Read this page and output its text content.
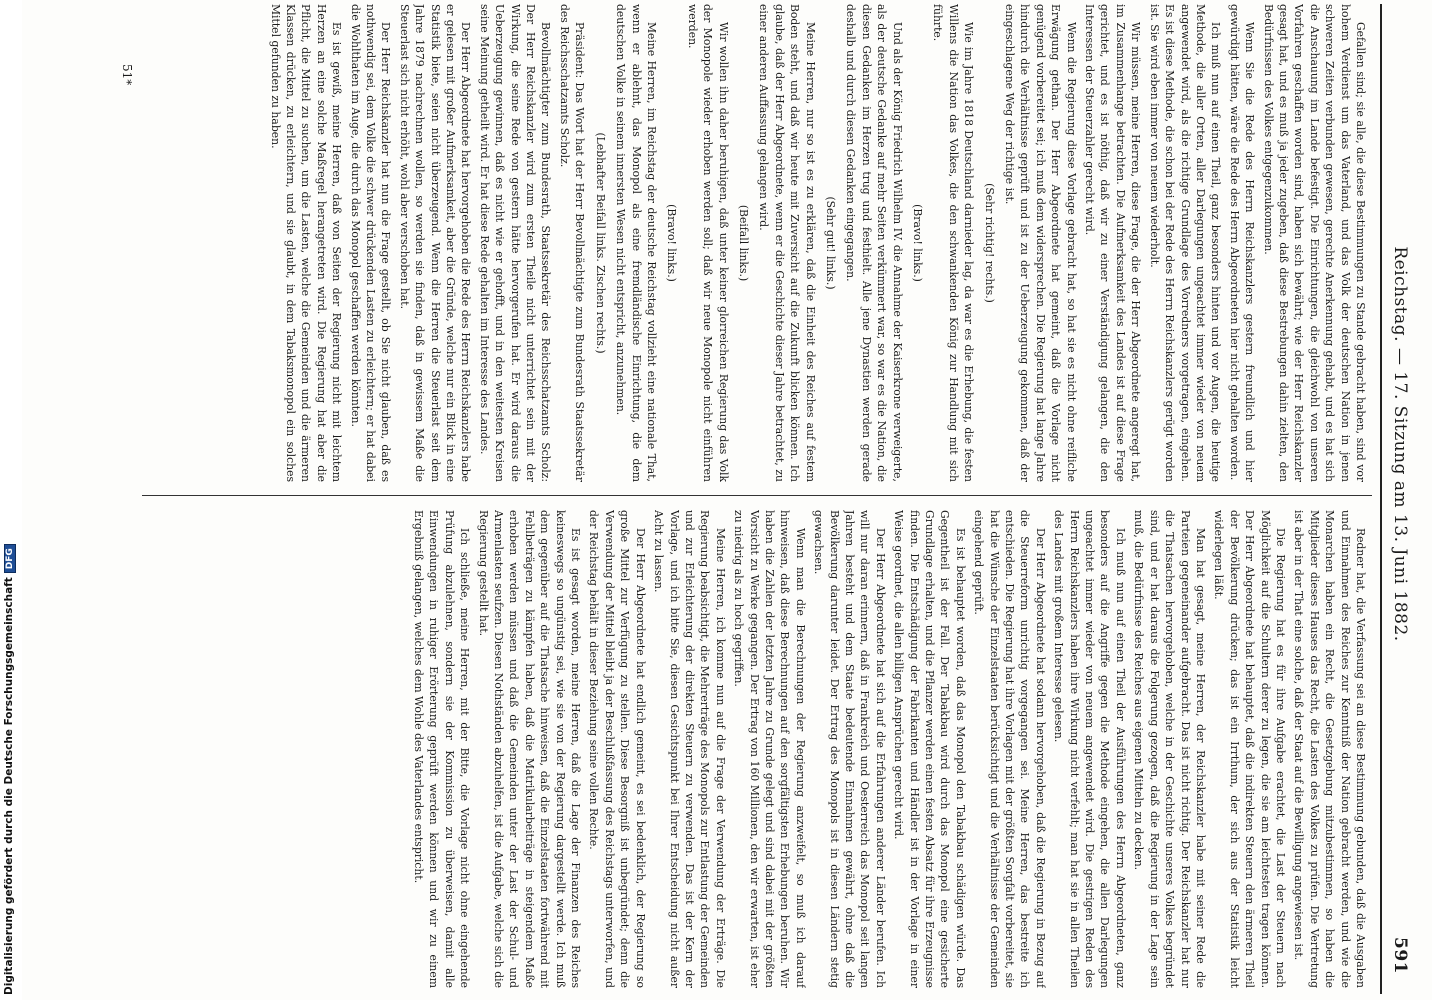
Digitalisierung gefördert durch die Deutsche ForschungsgemeinschaftDFG	Reichstag. — 17. Sitzung am 13. Juni 1882.
591

Gefallen sind; sie alle, die diese Bestimmungen zu Stande gebracht haben, sind vor hohem Verdienst um das Vaterland, und das Volk der deutschen Nation in jenen schweren Zeiten verbunden gewesen, gerechte Anerkennung gehabt, und es hat sich die Anschauung im Lande befestigt. Die Einrichtungen, die gleichwohl von unseren Vorfahren geschaffen worden sind, haben sich bewährt; wie der Herr Reichskanzler gesagt hat, und es muß ja jeder zugeben, daß diese Bestrebungen dahin zielten, den Bedürfnissen des Volkes entgegenzukommen.

Wenn Sie die Rede des Herrn Reichskanzlers gestern freundlich und hier gewürdigt hätten, wäre die Rede des Herrn Abgeordneten hier nicht gehalten worden.

Ich muß nun auf einen Theil, ganz besonders hinten und vor Augen, die heutige Methode, die aller Orten, aller Darlegungen ungeachtet immer wieder von neuem angewendet wird, als die richtige Grundlage des Vorredners vorgetragen, eingehen. Es ist diese Methode, die schon bei der Rede des Herrn Reichskanzlers gerügt worden ist. Sie wird eben immer von neuem wiederholt.

Wir müssen, meine Herren, diese Frage, die der Herr Abgeordnete angeregt hat, im Zusammenhange betrachten. Die Aufmerksamkeit des Landes ist auf diese Frage gerichtet, und es ist nöthig, daß wir zu einer Verständigung gelangen, die den Interessen der Steuerzahler gerecht wird.

Wenn die Regierung diese Vorlage gebracht hat, so hat sie es nicht ohne reifliche Erwägung gethan. Der Herr Abgeordnete hat gemeint, daß die Vorlage nicht genügend vorbereitet sei; ich muß dem widersprechen. Die Regierung hat lange Jahre hindurch die Verhältnisse geprüft und ist zu der Ueberzeugung gekommen, daß der eingeschlagene Weg der richtige ist.

(Sehr richtig! rechts.)

Wie im Jahre 1818 Deutschland darnieder lag, da war es die Erhebung, die festen Willens die Nation das Volkes, die den schwankenden König zur Handlung mit sich führte.

(Bravo! links.)

Und als der König Friedrich Wilhelm IV. die Annahme der Kaiserkrone verweigerte, als der deutsche Gedanke auf mehr Seiten verkümmert war, so war es die Nation, die diesen Gedanken im Herzen trug und festhielt. Alle jene Dynastien werden gerade deshalb und durch diesen Gedanken eingegangen.

(Sehr gut! links.)

Meine Herren, nur so ist es zu erklären, daß die Einheit des Reiches auf festem Boden steht, und daß wir heute mit Zuversicht auf die Zukunft blicken können. Ich glaube, daß der Herr Abgeordnete, wenn er die Geschichte dieser Jahre betrachtet, zu einer anderen Auffassung gelangen wird.

(Beifall links.)

Wir wollen ihn daher beruhigen, daß unter keiner glorreichen Regierung das Volk der Monopole wieder erhoben werden soll; daß wir neue Monopole nicht einführen werden.

(Bravo! links.)

Meine Herren, im Reichstag der deutsche Reichstag vollzieht eine nationale That, wenn er ablehnt, das Monopol als eine fremdländische Einrichtung, die dem deutschen Volke in seinem innersten Wesen nicht entspricht, anzunehmen.

(Lebhafter Beifall links. Zischen rechts.)

Präsident: Das Wort hat der Herr Bevollmächtigte zum Bundesrath Staatssekretär des Reichsschatzamts Scholz.

Bevollmächtigter zum Bundesrath, Staatssekretär des Reichsschatzamts Scholz: Der Herr Reichskanzler wird zum ersten Theile nicht unterrichtet sein mit der Wirkung, die seine Rede von gestern hätte hervorgerufen hat. Er wird daraus die Ueberzeugung gewinnen, daß es nicht wie er gehofft, und in den weitesten Kreisen seine Meinung getheilt wird. Er hat diese Rede gehalten im Interesse des Landes.

Der Herr Abgeordnete hat hervorgehoben die Rede des Herrn Reichskanzlers habe er gelesen mit großer Aufmerksamkeit, aber die Gründe, welche nur ein Blick in eine Statistik biete, seien nicht überzeugend. Wenn die Herren die Steuerlast seit dem Jahre 1879 nachrechnen wollen, so werden sie finden, daß in gewissem Maße die Steuerlast sich nicht erhöht, wohl aber verschoben hat.

Der Herr Reichskanzler hat nun die Frage gestellt, ob Sie nicht glauben, daß es nothwendig sei, dem Volke die schwer drückenden Lasten zu erleichtern; er hat dabei die Wohlthaten im Auge, die durch das Monopol geschaffen werden könnten.

Es ist gewiß, meine Herren, daß von Seiten der Regierung nicht mit leichtem Herzen an eine solche Maßregel herangetreten wird. Die Regierung hat aber die Pflicht, die Mittel zu suchen, um die Lasten, welche die Gemeinden und die ärmeren Klassen drücken, zu erleichtern, und sie glaubt, in dem Tabaksmonopol ein solches Mittel gefunden zu haben.

Redner hat, die Verfassung sei an diese Bestimmung gebunden, daß die Ausgaben und Einnahmen des Reiches zur Kenntniß der Nation gebracht werden, und wie die Monarchen haben ein Recht, die Gesetzgebung mitzubestimmen, so haben die Mitglieder dieses Hauses das Recht, die Lasten des Volkes zu prüfen. Die Vertretung ist aber in der That eine solche, daß der Staat auf die Bewilligung angewiesen ist.

Die Regierung hat es für ihre Aufgabe erachtet, die Last der Steuern nach Möglichkeit auf die Schultern derer zu legen, die sie am leichtesten tragen können. Der Herr Abgeordnete hat behauptet, daß die indirekten Steuern den ärmeren Theil der Bevölkerung drücken; das ist ein Irrthum, der sich aus der Statistik leicht widerlegen läßt.

Man hat gesagt, meine Herren, der Reichskanzler habe mit seiner Rede die Parteien gegeneinander aufgebracht. Das ist nicht richtig. Der Reichskanzler hat nur die Thatsachen hervorgehoben, welche in der Geschichte unseres Volkes begründet sind, und er hat daraus die Folgerung gezogen, daß die Regierung in der Lage sein muß, die Bedürfnisse des Reiches aus eigenen Mitteln zu decken.

Ich muß nun auf einen Theil der Ausführungen des Herrn Abgeordneten, ganz besonders auf die Angriffe gegen die Methode eingehen, die allen Darlegungen ungeachtet immer wieder von neuem angewendet wird. Die gestrigen Reden des Herrn Reichskanzlers haben ihre Wirkung nicht verfehlt; man hat sie in allen Theilen des Landes mit großem Interesse gelesen.

Der Herr Abgeordnete hat sodann hervorgehoben, daß die Regierung in Bezug auf die Steuerreform unrichtig vorgegangen sei. Meine Herren, das bestreite ich entschieden. Die Regierung hat ihre Vorlagen mit der größten Sorgfalt vorbereitet, sie hat die Wünsche der Einzelstaaten berücksichtigt und die Verhältnisse der Gemeinden eingehend geprüft.

Es ist behauptet worden, daß das Monopol den Tabakbau schädigen würde. Das Gegentheil ist der Fall. Der Tabakbau wird durch das Monopol eine gesicherte Grundlage erhalten, und die Pflanzer werden einen festen Absatz für ihre Erzeugnisse finden. Die Entschädigung der Fabrikanten und Händler ist in der Vorlage in einer Weise geordnet, die allen billigen Ansprüchen gerecht wird.

Der Herr Abgeordnete hat sich auf die Erfahrungen anderer Länder berufen. Ich will nur daran erinnern, daß in Frankreich und Oesterreich das Monopol seit langen Jahren besteht und dem Staate bedeutende Einnahmen gewährt, ohne daß die Bevölkerung darunter leidet. Der Ertrag des Monopols ist in diesen Ländern stetig gewachsen.

Wenn man die Berechnungen der Regierung anzweifelt, so muß ich darauf hinweisen, daß diese Berechnungen auf den sorgfältigsten Erhebungen beruhen. Wir haben die Zahlen der letzten Jahre zu Grunde gelegt und sind dabei mit der größten Vorsicht zu Werke gegangen. Der Ertrag von 160 Millionen, den wir erwarten, ist eher zu niedrig als zu hoch gegriffen.

Meine Herren, ich komme nun auf die Frage der Verwendung der Erträge. Die Regierung beabsichtigt, die Mehrerträge des Monopols zur Entlastung der Gemeinden und zur Erleichterung der direkten Steuern zu verwenden. Das ist der Kern der Vorlage, und ich bitte Sie, diesen Gesichtspunkt bei Ihrer Entscheidung nicht außer Acht zu lassen.

Der Herr Abgeordnete hat endlich gemeint, es sei bedenklich, der Regierung so große Mittel zur Verfügung zu stellen. Diese Besorgniß ist unbegründet; denn die Verwendung der Mittel bleibt ja der Beschlußfassung des Reichstags unterworfen, und der Reichstag behält in dieser Beziehung seine vollen Rechte.

Es ist gesagt worden, meine Herren, daß die Lage der Finanzen des Reiches keineswegs so ungünstig sei, wie sie von der Regierung dargestellt werde. Ich muß dem gegenüber auf die Thatsache hinweisen, daß die Einzelstaaten fortwährend mit Fehlbeträgen zu kämpfen haben, daß die Matrikularbeiträge in steigendem Maße erhoben werden müssen und daß die Gemeinden unter der Last der Schul- und Armenlasten seufzen. Diesen Nothständen abzuhelfen, ist die Aufgabe, welche sich die Regierung gestellt hat.

Ich schließe, meine Herren, mit der Bitte, die Vorlage nicht ohne eingehende Prüfung abzulehnen, sondern sie der Kommission zu überweisen, damit alle Einwendungen in ruhiger Erörterung geprüft werden können und wir zu einem Ergebniß gelangen, welches dem Wohle des Vaterlandes entspricht.

51*
